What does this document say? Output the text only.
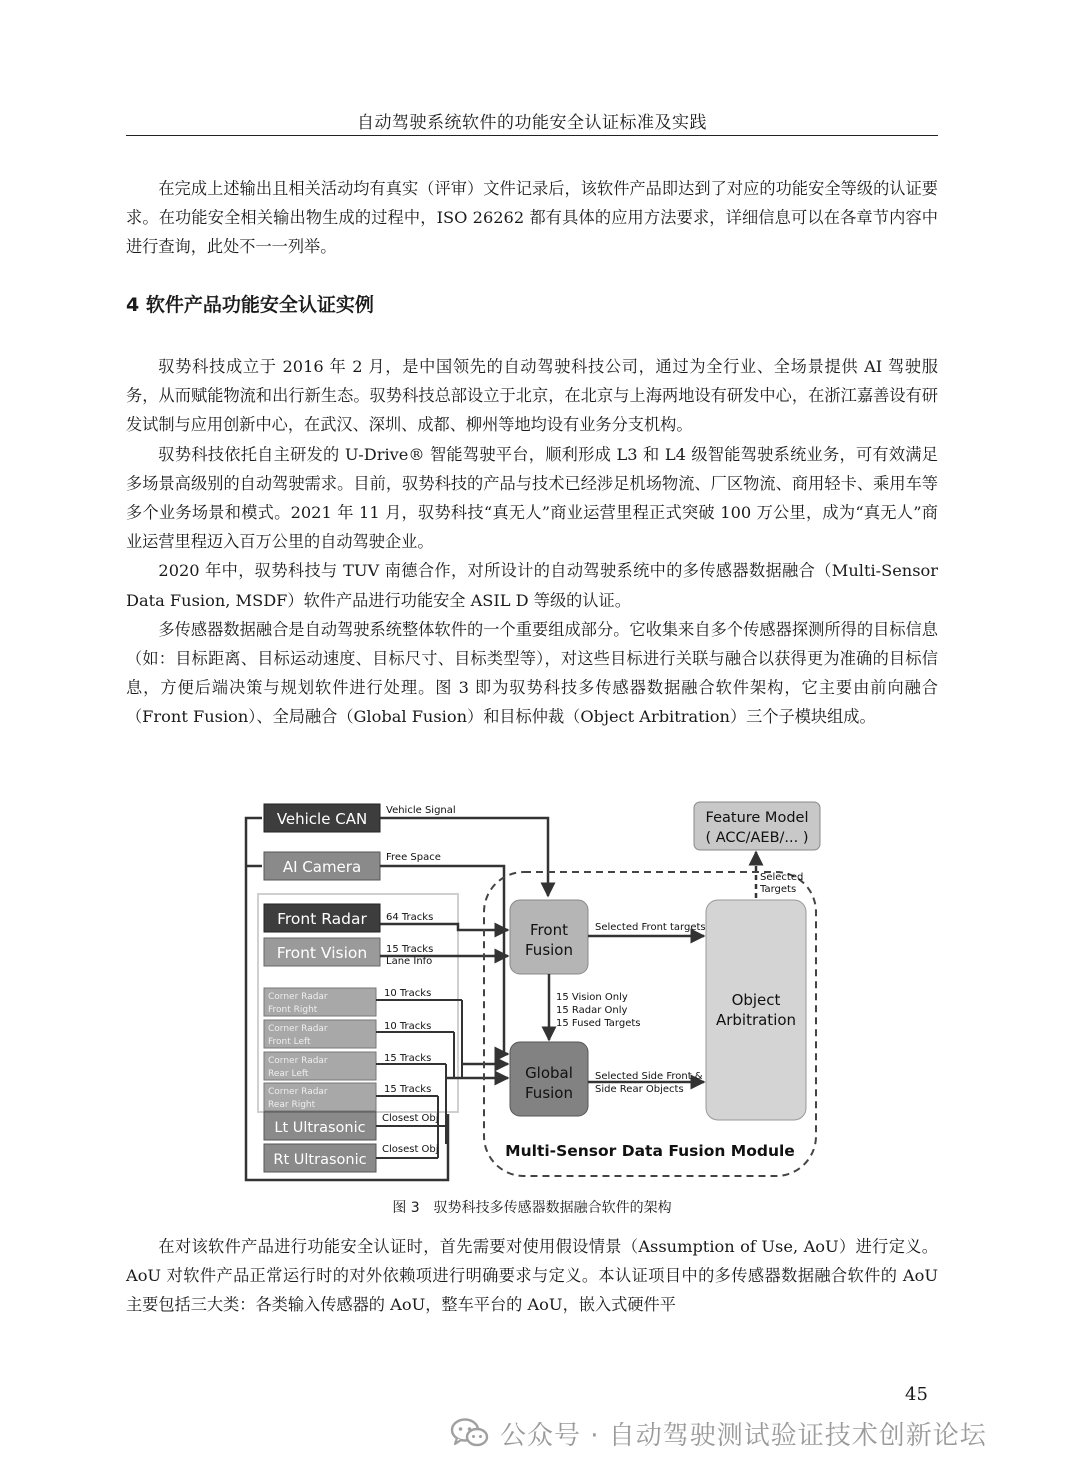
自动驾驶系统软件的功能安全认证标准及实践

在完成上述输出且相关活动均有真实（评审）文件记录后，该软件产品即达到了对应的功能安全等级的认证要求。在功能安全相关输出物生成的过程中，ISO 26262 都有具体的应用方法要求，详细信息可以在各章节内容中进行查询，此处不一一列举。

4 软件产品功能安全认证实例

驭势科技成立于 2016 年 2 月，是中国领先的自动驾驶科技公司，通过为全行业、全场景提供 AI 驾驶服务，从而赋能物流和出行新生态。驭势科技总部设立于北京，在北京与上海两地设有研发中心，在浙江嘉善设有研发试制与应用创新中心，在武汉、深圳、成都、柳州等地均设有业务分支机构。

驭势科技依托自主研发的 U-Drive® 智能驾驶平台，顺利形成 L3 和 L4 级智能驾驶系统业务，可有效满足多场景高级别的自动驾驶需求。目前，驭势科技的产品与技术已经涉足机场物流、厂区物流、商用轻卡、乘用车等多个业务场景和模式。2021 年 11 月，驭势科技“真无人”商业运营里程正式突破 100 万公里，成为“真无人”商业运营里程迈入百万公里的自动驾驶企业。

2020 年中，驭势科技与 TUV 南德合作，对所设计的自动驾驶系统中的多传感器数据融合（Multi-Sensor Data Fusion, MSDF）软件产品进行功能安全 ASIL D 等级的认证。

多传感器数据融合是自动驾驶系统整体软件的一个重要组成部分。它收集来自多个传感器探测所得的目标信息（如：目标距离、目标运动速度、目标尺寸、目标类型等），对这些目标进行关联与融合以获得更为准确的目标信息，方便后端决策与规划软件进行处理。图 3 即为驭势科技多传感器数据融合软件架构，它主要由前向融合（Front Fusion）、全局融合（Global Fusion）和目标仲裁（Object Arbitration）三个子模块组成。

Vehicle CAN Vehicle Signal
AI Camera
Free Space
Front Radar 64 Tracks
Front Vision 15 Tracks
Lane Info
Corner Radar
Front Right
10 Tracks
Corner Radar
Front Left
10 Tracks
Corner Radar
Rear Left
15 Tracks
Corner Radar
Rear Right
15 Tracks
Lt Ultrasonic
Closest Obj
Rt Ultrasonic
Closest Obj
Front
Fusion
Global
Fusion
15 Vision Only
15 Radar Only
15 Fused Targets
Object
Arbitration
Selected Front targets
Selected Side Front &
Side Rear Objects
Feature Model
( ACC/AEB/... )
Selected
Targets
Multi-Sensor Data Fusion Module
图 3　驭势科技多传感器数据融合软件的架构

在对该软件产品进行功能安全认证时，首先需要对使用假设情景（Assumption of Use, AoU）进行定义。AoU 对软件产品正常运行时的对外依赖项进行明确要求与定义。本认证项目中的多传感器数据融合软件的 AoU 主要包括三大类：各类输入传感器的 AoU，整车平台的 AoU，嵌入式硬件平

45
公众号 · 自动驾驶测试验证技术创新论坛
